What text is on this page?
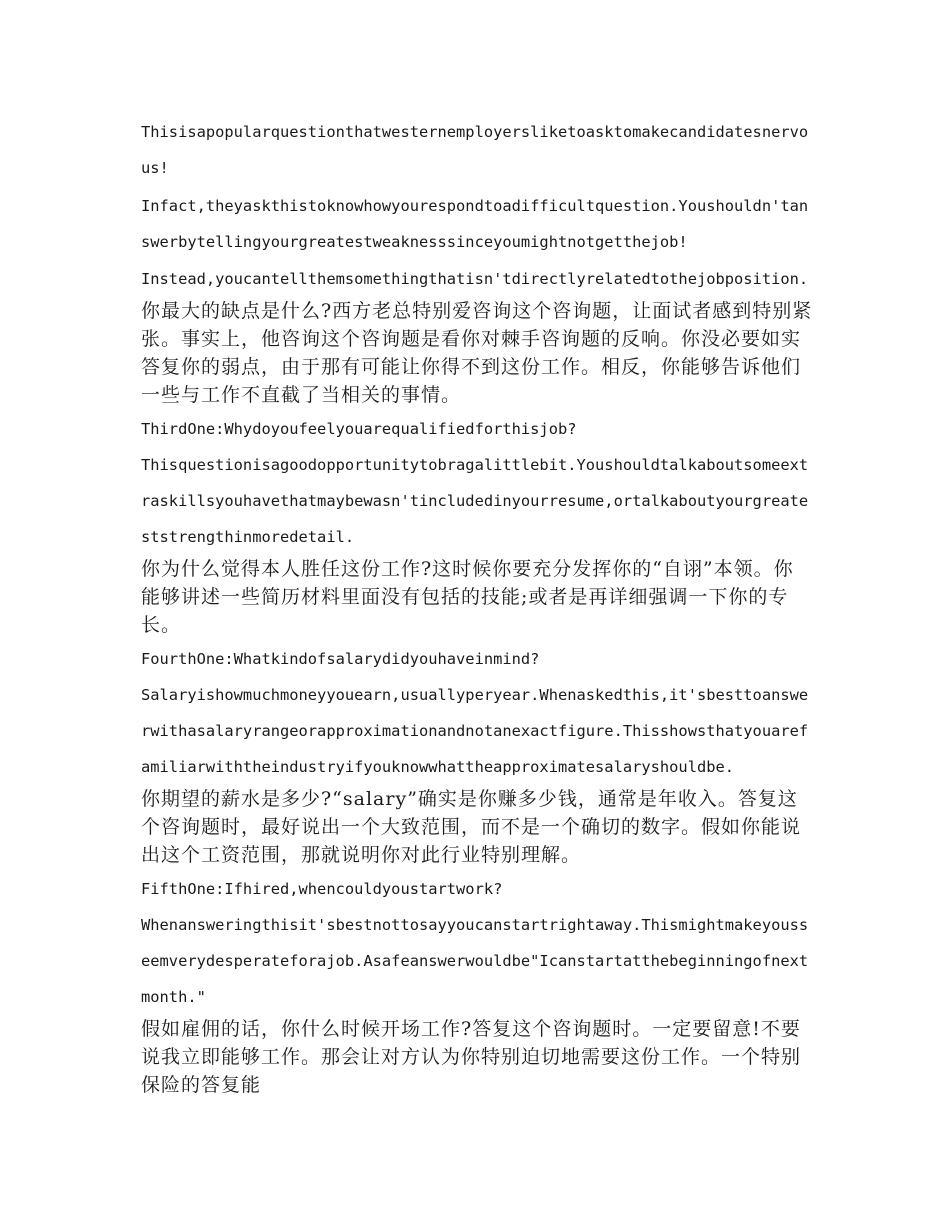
Thisisapopularquestionthatwesternemployersliketoasktomakecandidatesnervous!

Infact,theyaskthistoknowhowyourespondtoadifficultquestion.Youshouldn'tanswerbytellingyourgreatestweaknesssinceyoumightnotgetthejob!

Instead,youcantellthemsomethingthatisn'tdirectlyrelatedtothejobposition.

你最大的缺点是什么?西方老总特别爱咨询这个咨询题，让面试者感到特别紧张。事实上，他咨询这个咨询题是看你对棘手咨询题的反响。你没必要如实答复你的弱点，由于那有可能让你得不到这份工作。相反，你能够告诉他们一些与工作不直截了当相关的事情。

ThirdOne:Whydoyoufeelyouarequalifiedforthisjob?

Thisquestionisagoodopportunitytobragalittlebit.Youshouldtalkaboutsomeextraskillsyouhavethatmaybewasn'tincludedinyourresume,ortalkaboutyourgreateststrengthinmoredetail.

你为什么觉得本人胜任这份工作?这时候你要充分发挥你的“自诩”本领。你能够讲述一些简历材料里面没有包括的技能;或者是再详细强调一下你的专长。

FourthOne:Whatkindofsalarydidyouhaveinmind?

Salaryishowmuchmoneyyouearn,usuallyperyear.Whenaskedthis,it'sbesttoanswerwithasalaryrangeorapproximationandnotanexactfigure.Thisshowsthatyouarefamiliarwiththeindustryifyouknowwhattheapproximatesalaryshouldbe.

你期望的薪水是多少?“salary”确实是你赚多少钱，通常是年收入。答复这个咨询题时，最好说出一个大致范围，而不是一个确切的数字。假如你能说出这个工资范围，那就说明你对此行业特别理解。

FifthOne:Ifhired,whencouldyoustartwork?

Whenansweringthisit'sbestnottosayyoucanstartrightaway.Thismightmakeyousseemverydesperateforajob.Asafeanswerwouldbe"Icanstartatthebeginningofnextmonth."

假如雇佣的话，你什么时候开场工作?答复这个咨询题时。一定要留意!不要说我立即能够工作。那会让对方认为你特别迫切地需要这份工作。一个特别保险的答复能
